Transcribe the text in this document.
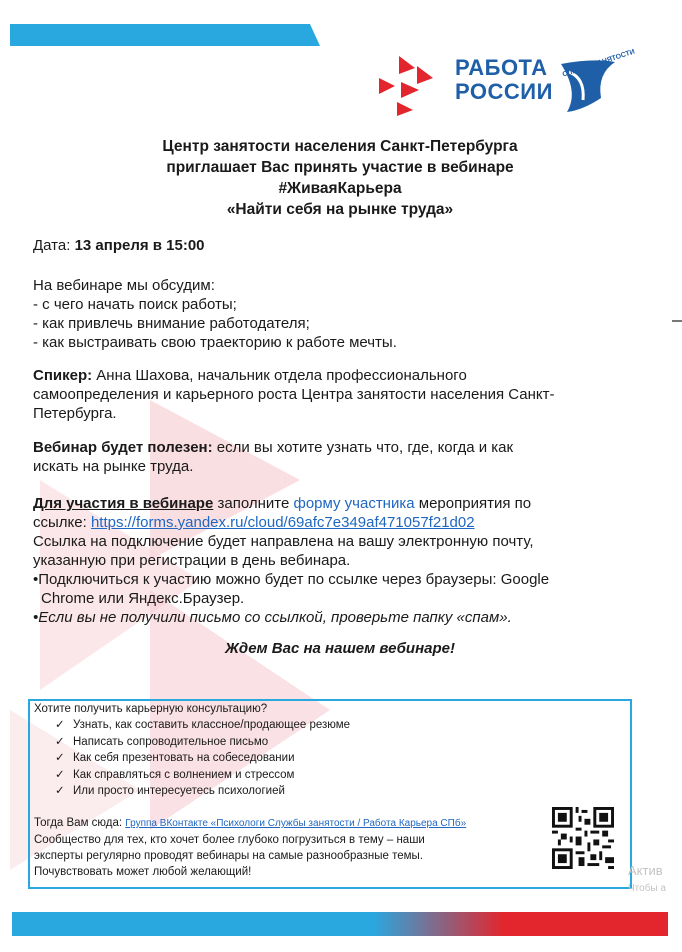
РАБОТА
РОССИИ
СЛУЖБА ЗАНЯТОСТИ
Центр занятости населения Санкт-Петербурга
приглашает Вас принять участие в вебинаре
#ЖиваяКарьера
«Найти себя на рынке труда»
Дата: 13 апреля в 15:00
На вебинаре мы обсудим:
- с чего начать поиск работы;
- как привлечь внимание работодателя;
- как выстраивать свою траекторию к работе мечты.
Спикер: Анна Шахова, начальник отдела профессионального
самоопределения и карьерного роста Центра занятости населения Санкт-
Петербурга.
Вебинар будет полезен: если вы хотите узнать что, где, когда и как
искать на рынке труда.
Для участия в вебинаре заполните форму участника мероприятия по
ссылке: https://forms.yandex.ru/cloud/69afc7e349af471057f21d02
Ссылка на подключение будет направлена на вашу электронную почту,
указанную при регистрации в день вебинара.
•Подключиться к участию можно будет по ссылке через браузеры: Google
Chrome или Яндекс.Браузер.
•Если вы не получили письмо со ссылкой, проверьте папку «спам».
Ждем Вас на нашем вебинаре!
Хотите получить карьерную консультацию?
✓ Узнать, как составить классное/продающее резюме
✓ Написать сопроводительное письмо
✓ Как себя презентовать на собеседовании
✓ Как справляться с волнением и стрессом
✓ Или просто интересуетесь психологией
Тогда Вам сюда: Группа ВКонтакте «Психологи Службы занятости / Работа Карьера СПб»
Сообщество для тех, кто хочет более глубоко погрузиться в тему – наши
эксперты регулярно проводят вебинары на самые разнообразные темы.
Почувствовать может любой желающий!	Актив
Чтобы а
